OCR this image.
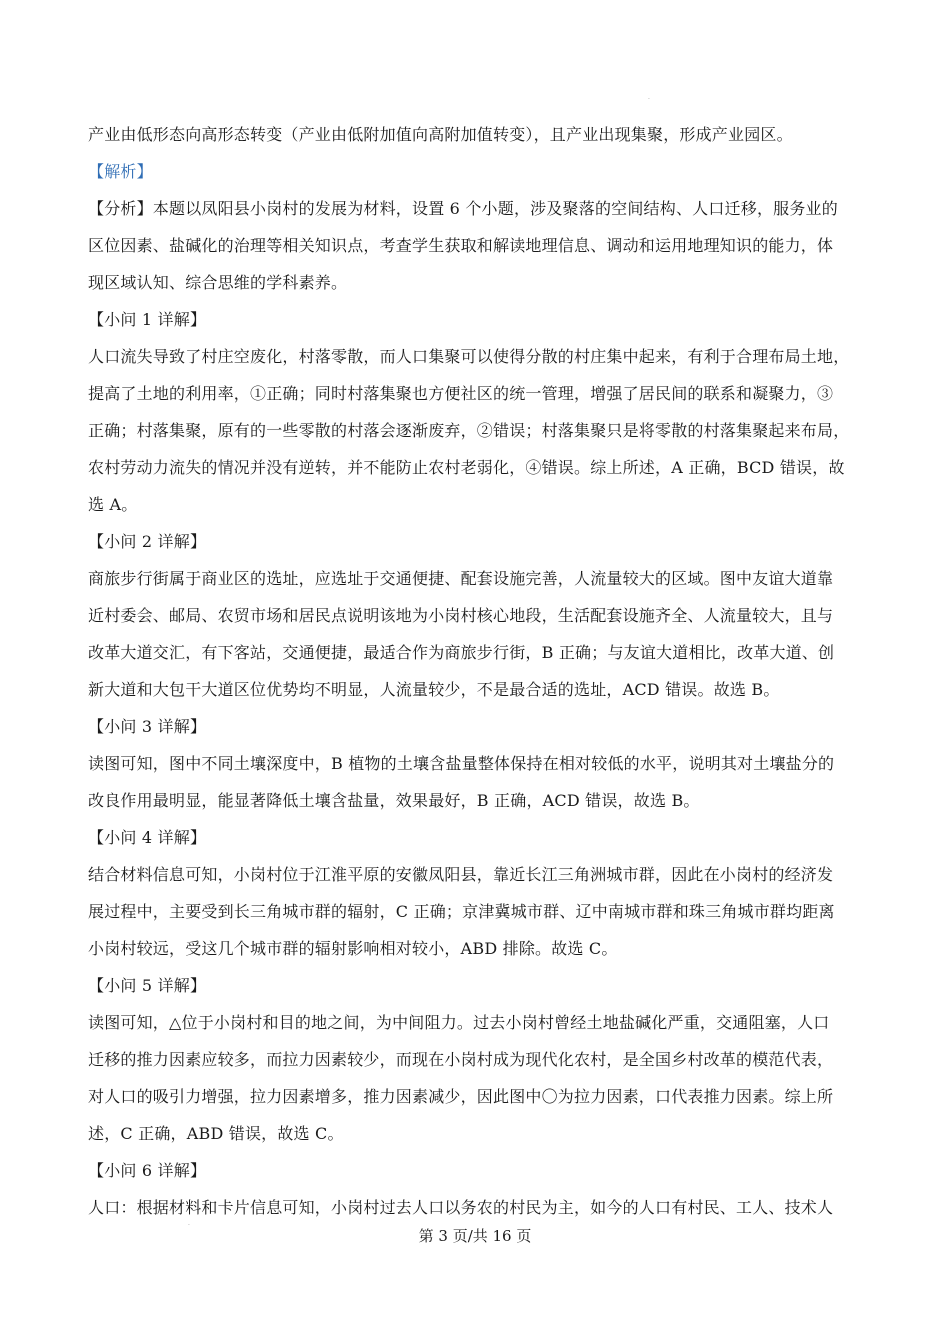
产业由低形态向高形态转变（产业由低附加值向高附加值转变），且产业出现集聚，形成产业园区。
【解析】
【分析】本题以凤阳县小岗村的发展为材料，设置 6 个小题，涉及聚落的空间结构、人口迁移，服务业的
区位因素、盐碱化的治理等相关知识点，考查学生获取和解读地理信息、调动和运用地理知识的能力，体
现区域认知、综合思维的学科素养。
【小问 1 详解】
人口流失导致了村庄空废化，村落零散，而人口集聚可以使得分散的村庄集中起来，有利于合理布局土地，
提高了土地的利用率，①正确；同时村落集聚也方便社区的统一管理，增强了居民间的联系和凝聚力，③
正确；村落集聚，原有的一些零散的村落会逐渐废弃，②错误；村落集聚只是将零散的村落集聚起来布局，
农村劳动力流失的情况并没有逆转，并不能防止农村老弱化，④错误。综上所述，A 正确，BCD 错误，故
选 A。
【小问 2 详解】
商旅步行街属于商业区的选址，应选址于交通便捷、配套设施完善，人流量较大的区域。图中友谊大道靠
近村委会、邮局、农贸市场和居民点说明该地为小岗村核心地段，生活配套设施齐全、人流量较大，且与
改革大道交汇，有下客站，交通便捷，最适合作为商旅步行街，B 正确；与友谊大道相比，改革大道、创
新大道和大包干大道区位优势均不明显，人流量较少，不是最合适的选址，ACD 错误。故选 B。
【小问 3 详解】
读图可知，图中不同土壤深度中，B 植物的土壤含盐量整体保持在相对较低的水平，说明其对土壤盐分的
改良作用最明显，能显著降低土壤含盐量，效果最好，B 正确，ACD 错误，故选 B。
【小问 4 详解】
结合材料信息可知，小岗村位于江淮平原的安徽凤阳县，靠近长江三角洲城市群，因此在小岗村的经济发
展过程中，主要受到长三角城市群的辐射，C 正确；京津冀城市群、辽中南城市群和珠三角城市群均距离
小岗村较远，受这几个城市群的辐射影响相对较小，ABD 排除。故选 C。
【小问 5 详解】
读图可知，△位于小岗村和目的地之间，为中间阻力。过去小岗村曾经土地盐碱化严重，交通阻塞，人口
迁移的推力因素应较多，而拉力因素较少，而现在小岗村成为现代化农村，是全国乡村改革的模范代表，
对人口的吸引力增强，拉力因素增多，推力因素减少，因此图中〇为拉力因素，口代表推力因素。综上所
述，C 正确，ABD 错误，故选 C。
【小问 6 详解】
人口：根据材料和卡片信息可知，小岗村过去人口以务农的村民为主，如今的人口有村民、工人、技术人
第 3 页/共 16 页
·
·
